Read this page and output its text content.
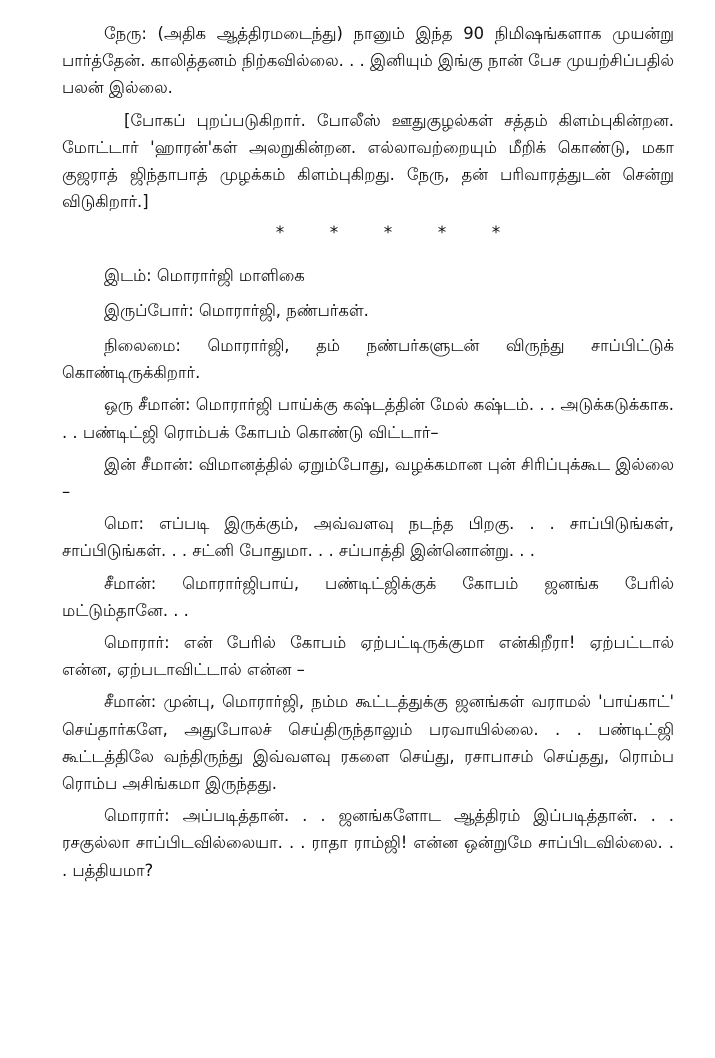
நேரு: (அதிக ஆத்திரமடைந்து) நானும் இந்த 90 நிமிஷங்களாக முயன்று பார்த்தேன். காலித்தனம் நிற்கவில்லை. . . இனியும் இங்கு நான் பேச முயற்சிப்பதில் பலன் இல்லை.

[போகப் புறப்படுகிறார். போலீஸ் ஊதுகுழல்கள் சத்தம் கிளம்புகின்றன. மோட்டார் 'ஹாரன்'கள் அலறுகின்றன. எல்லாவற்றையும் மீறிக் கொண்டு, மகா குஜராத் ஜிந்தாபாத் முழக்கம் கிளம்புகிறது. நேரு, தன் பரிவாரத்துடன் சென்று விடுகிறார்.]

*	*	*	*	*

இடம்: மொரார்ஜி மாளிகை

இருப்போர்: மொரார்ஜி, நண்பர்கள்.

நிலைமை: மொரார்ஜி, தம் நண்பர்களுடன் விருந்து சாப்பிட்டுக் கொண்டிருக்கிறார்.

ஒரு சீமான்: மொரார்ஜி பாய்க்கு கஷ்டத்தின் மேல் கஷ்டம். . . அடுக்கடுக்காக. . . பண்டிட்ஜி ரொம்பக் கோபம் கொண்டு விட்டார்–

இன் சீமான்: விமானத்தில் ஏறும்போது, வழக்கமான புன் சிரிப்புக்கூட இல்லை –

மொ: எப்படி இருக்கும், அவ்வளவு நடந்த பிறகு. . . சாப்பிடுங்கள், சாப்பிடுங்கள். . . சட்னி போதுமா. . . சப்பாத்தி இன்னொன்று. . .

சீமான்: மொரார்ஜிபாய், பண்டிட்ஜிக்குக் கோபம் ஜனங்க பேரில் மட்டும்தானே. . .

மொரார்: என் பேரில் கோபம் ஏற்பட்டிருக்குமா என்கிறீரா! ஏற்பட்டால் என்ன, ஏற்படாவிட்டால் என்ன –

சீமான்: முன்பு, மொரார்ஜி, நம்ம கூட்டத்துக்கு ஜனங்கள் வராமல் 'பாய்காட்' செய்தார்களே, அதுபோலச் செய்திருந்தாலும் பரவாயில்லை. . . பண்டிட்ஜி கூட்டத்திலே வந்திருந்து இவ்வளவு ரகளை செய்து, ரசாபாசம் செய்தது, ரொம்ப ரொம்ப அசிங்கமா இருந்தது.

மொரார்: அப்படித்தான். . . ஜனங்களோட ஆத்திரம் இப்படித்தான். . . ரசகுல்லா சாப்பிடவில்லையா. . . ராதா ராம்ஜி! என்ன ஒன்றுமே சாப்பிடவில்லை. . . பத்தியமா?
